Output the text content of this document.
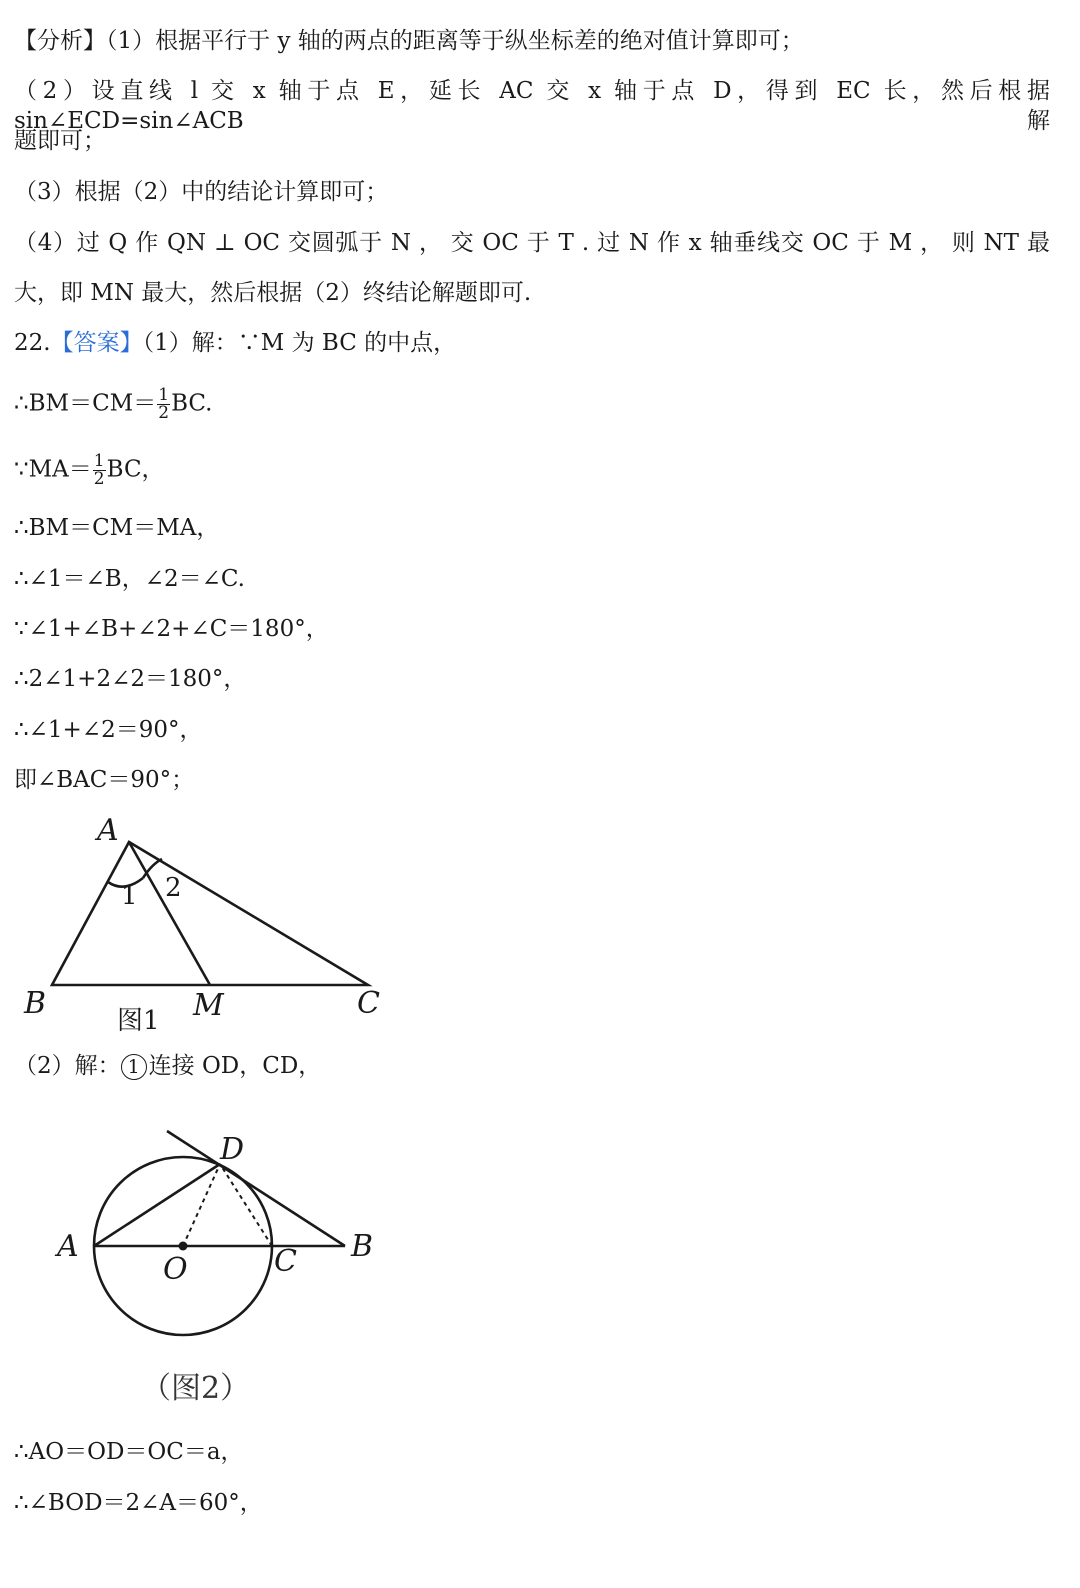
【分析】（1）根据平行于 y 轴的两点的距离等于纵坐标差的绝对值计算即可；
（2）设直线 l 交 x 轴于点 E，延长 AC 交 x 轴于点 D，得到 EC 长，然后根据 sin∠ECD=sin∠ACB 解
题即可；
（3）根据（2）中的结论计算即可；
（4）过 Q 作 QN ⊥ OC 交圆弧于 N ， 交 OC 于 T . 过 N 作 x 轴垂线交 OC 于 M ， 则 NT 最
大，即 MN 最大，然后根据（2）终结论解题即可.
22.【答案】（1）解：∵M 为 BC 的中点，
∴BM＝CM＝ $\frac{1}{2}$ BC.
∵MA＝ $\frac{1}{2}$ BC，
∴BM＝CM＝MA，
∴∠1＝∠B，∠2＝∠C.
∵∠1+∠B+∠2+∠C＝180°，
∴2∠1+2∠2＝180°，
∴∠1+∠2＝90°，
即∠BAC＝90°；
A
B	M	C
1 2
图1
（2）解： 1 连接 OD，CD，
D
A
O	C B
（图2）
∴AO＝OD＝OC＝a，
∴∠BOD＝2∠A＝60°，
